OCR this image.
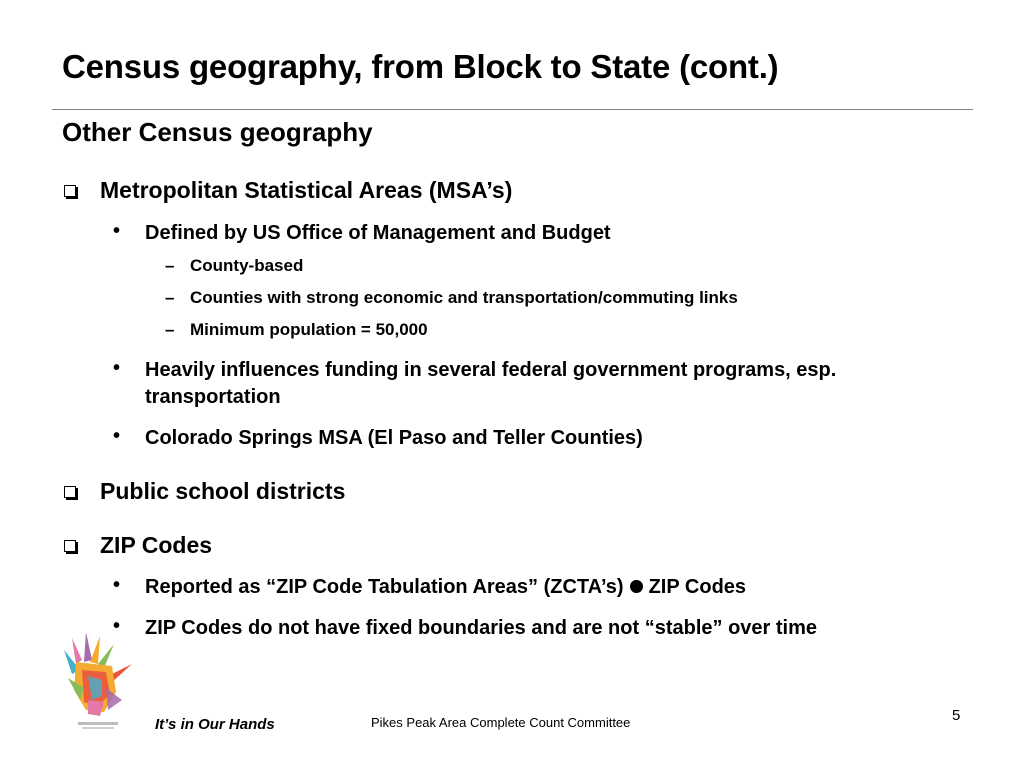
Census geography, from Block to State (cont.)
Other Census geography
Metropolitan Statistical Areas (MSA’s)
• Defined by US Office of Management and Budget
– County-based
– Counties with strong economic and transportation/commuting links
– Minimum population = 50,000
• Heavily influences funding in several federal government programs, esp.
transportation
• Colorado Springs MSA (El Paso and Teller Counties)
Public school districts
ZIP Codes
• Reported as “ZIP Code Tabulation Areas” (ZCTA’s) ZIP Codes
• ZIP Codes do not have fixed boundaries and are not “stable” over time
It’s in Our Hands	Pikes Peak Area Complete Count Committee	5
